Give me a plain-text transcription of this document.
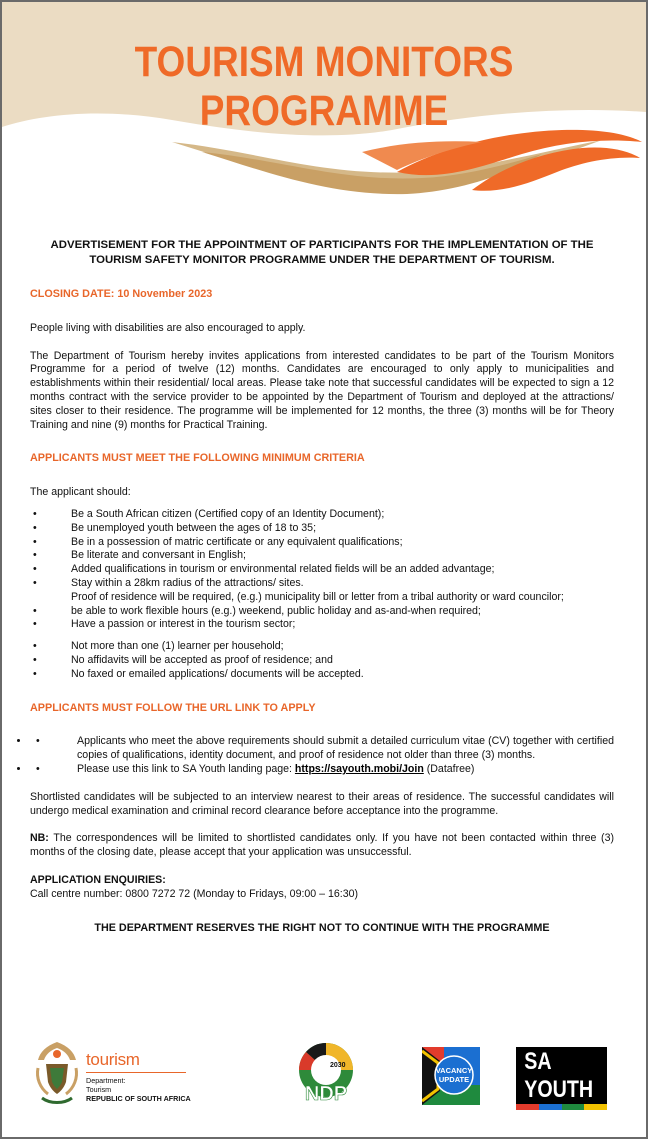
TOURISM MONITORS PROGRAMME
ADVERTISEMENT FOR THE APPOINTMENT OF PARTICIPANTS FOR THE IMPLEMENTATION OF THE TOURISM SAFETY MONITOR PROGRAMME UNDER THE DEPARTMENT OF TOURISM.
CLOSING DATE: 10 November 2023

People living with disabilities are also encouraged to apply.

The Department of Tourism hereby invites applications from interested candidates to be part of the Tourism Monitors Programme for a period of twelve (12) months. Candidates are encouraged to only apply to municipalities and establishments within their residential/ local areas. Please take note that successful candidates will be expected to sign a 12 months contract with the service provider to be appointed by the Department of Tourism and deployed at the attractions/ sites closer to their residence. The programme will be implemented for 12 months, the three (3) months will be for Theory Training and nine (9) months for Practical Training.

APPLICANTS MUST MEET THE FOLLOWING MINIMUM CRITERIA
The applicant should:
•	Be a South African citizen (Certified copy of an Identity Document);
•	Be unemployed youth between the ages of 18 to 35;
•	Be in a possession of matric certificate or any equivalent qualifications;
•	Be literate and conversant in English;
•	Added qualifications in tourism or environmental related fields will be an added advantage;
•	Stay within a 28km radius of the attractions/ sites.
Proof of residence will be required, (e.g.) municipality bill or letter from a tribal authority or ward councilor;
•	be able to work flexible hours (e.g.) weekend, public holiday and as-and-when required;
•	Have a passion or interest in the tourism sector;
•	Not more than one (1) learner per household;
•	No affidavits will be accepted as proof of residence; and
•	No faxed or emailed applications/ documents will be accepted.
APPLICANTS MUST FOLLOW THE URL LINK TO APPLY
• •	Applicants who meet the above requirements should submit a detailed curriculum vitae (CV) together with certified copies of qualifications, identity document, and proof of residence not older than three (3) months.
• •	Please use this link to SA Youth landing page: https://sayouth.mobi/Join (Datafree)

Shortlisted candidates will be subjected to an interview nearest to their areas of residence. The successful candidates will undergo medical examination and criminal record clearance before acceptance into the programme.

NB: The correspondences will be limited to shortlisted candidates only. If you have not been contacted within three (3) months of the closing date, please accept that your application was unsuccessful.

APPLICATION ENQUIRIES:
Call centre number: 0800 7272 72 (Monday to Fridays, 09:00 – 16:30)
THE DEPARTMENT RESERVES THE RIGHT NOT TO CONTINUE WITH THE PROGRAMME
tourism
Department:
Tourism
REPUBLIC OF SOUTH AFRICA
2030
NDP
VACANCY
UPDATE
SA YOUTH
